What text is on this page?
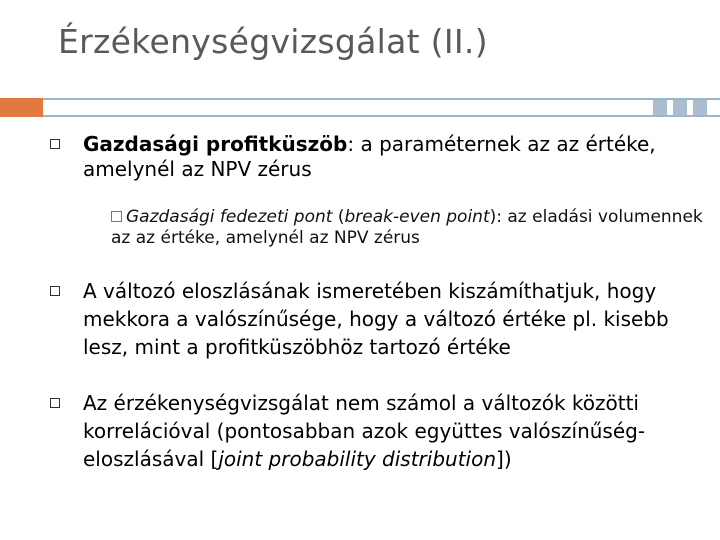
Érzékenységvizsgálat (II.)
Gazdasági profitküszöb: a paraméternek az az értéke, amelynél az NPV zérus
Gazdasági fedezeti pont (break-even point): az eladási volumennek az az értéke, amelynél az NPV zérus
A változó eloszlásának ismeretében kiszámíthatjuk, hogy mekkora a valószínűsége, hogy a változó értéke pl. kisebb lesz, mint a profitküszöbhöz tartozó értéke
Az érzékenységvizsgálat nem számol a változók közötti korrelációval (pontosabban azok együttes valószínűség-eloszlásával [joint probability distribution])
